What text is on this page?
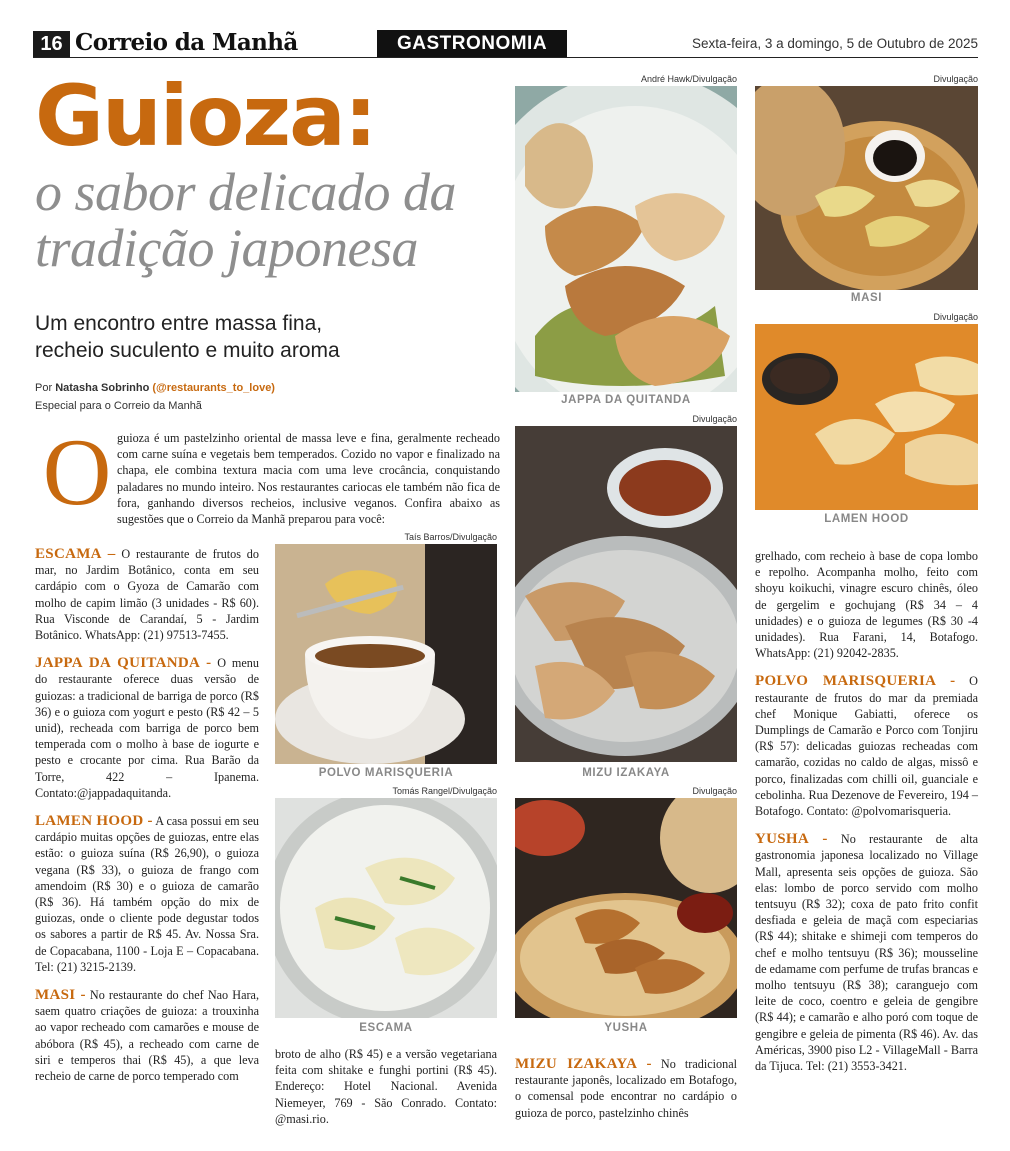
16 Correio da Manhã	GASTRONOMIA	Sexta-feira, 3 a domingo, 5 de Outubro de 2025
Guioza:
o sabor delicado da
tradição japonesa
Um encontro entre massa fina,
recheio suculento e muito aroma
Por Natasha Sobrinho (@restaurants_to_love)
Especial para o Correio da Manhã
O guioza é um pastelzinho oriental de massa leve e fina, geralmente recheado com carne suína e vegetais bem temperados. Cozido no vapor e finalizado na chapa, ele combina textura macia com uma leve crocância, conquistando paladares no mundo inteiro. Nos restaurantes cariocas ele também não fica de fora, ganhando diversos recheios, inclusive veganos. Confira abaixo as sugestões que o Correio da Manhã preparou para você:

ESCAMA – O restaurante de frutos do mar, no Jardim Botânico, conta em seu cardápio com o Gyoza de Camarão com molho de capim limão (3 unidades - R$ 60). Rua Visconde de Carandaí, 5 - Jardim Botânico. WhatsApp: (21) 97513-7455.

JAPPA DA QUITANDA - O menu do restaurante oferece duas versão de guiozas: a tradicional de barriga de porco (R$ 36) e o guioza com yogurt e pesto (R$ 42 – 5 unid), recheada com barriga de porco bem temperada com o molho à base de iogurte e pesto e crocante por cima. Rua Barão da Torre, 422 – Ipanema. Contato:@jappadaquitanda.

LAMEN HOOD - A casa possui em seu cardápio muitas opções de guiozas, entre elas estão: o guioza suína (R$ 26,90), o guioza vegana (R$ 33), o guioza de frango com amendoim (R$ 30) e o guioza de camarão (R$ 36). Há também opção do mix de guiozas, onde o cliente pode degustar todos os sabores a partir de R$ 45. Av. Nossa Sra. de Copacabana, 1100 - Loja E – Copacabana. Tel: (21) 3215-2139.

MASI - No restaurante do chef Nao Hara, saem quatro criações de guioza: a trouxinha ao vapor recheado com camarões e mouse de abóbora (R$ 45), a recheado com carne de siri e temperos thai (R$ 45), a que leva recheio de carne de porco temperado com

broto de alho (R$ 45) e a versão vegetariana feita com shitake e funghi portini (R$ 45). Endereço: Hotel Nacional. Avenida Niemeyer, 769 - São Conrado. Contato: @masi.rio.

MIZU IZAKAYA - No tradicional restaurante japonês, localizado em Botafogo, o comensal pode encontrar no cardápio o guioza de porco, pastelzinho chinês

grelhado, com recheio à base de copa lombo e repolho. Acompanha molho, feito com shoyu koikuchi, vinagre escuro chinês, óleo de gergelim e gochujang (R$ 34 – 4 unidades) e o guioza de legumes (R$ 30 -4 unidades). Rua Farani, 14, Botafogo. WhatsApp: (21) 92042-2835.

POLVO MARISQUERIA - O restaurante de frutos do mar da premiada chef Monique Gabiatti, oferece os Dumplings de Camarão e Porco com Tonjiru (R$ 57): delicadas guiozas recheadas com camarão, cozidas no caldo de algas, missô e porco, finalizadas com chilli oil, guanciale e cebolinha. Rua Dezenove de Fevereiro, 194 – Botafogo. Contato: @polvomarisqueria.

YUSHA - No restaurante de alta gastronomia japonesa localizado no Village Mall, apresenta seis opções de guioza. São elas: lombo de porco servido com molho tentsuyu (R$ 32); coxa de pato frito confit desfiada e geleia de maçã com especiarias (R$ 44); shitake e shimeji com temperos do chef e molho tentsuyu (R$ 36); mousseline de edamame com perfume de trufas brancas e molho tentsuyu (R$ 38); caranguejo com leite de coco, coentro e geleia de gengibre (R$ 44); e camarão e alho poró com toque de gengibre e geleia de pimenta (R$ 46). Av. das Américas, 3900 piso L2 - VillageMall - Barra da Tijuca. Tel: (21) 3553-3421.

André Hawk/Divulgação
JAPPA DA QUITANDA
Divulgação
MASI
Divulgação
LAMEN HOOD
Divulgação
MIZU IZAKAYA
Taís Barros/Divulgação
POLVO MARISQUERIA
Tomás Rangel/Divulgação
ESCAMA
Divulgação
YUSHA
